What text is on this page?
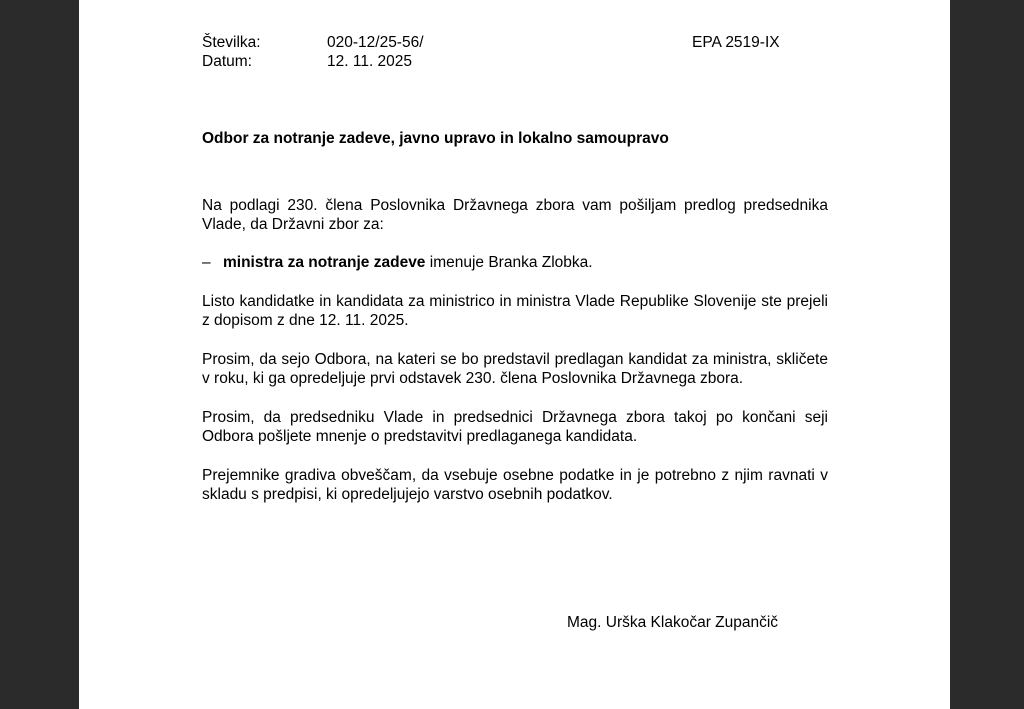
Številka:	020-12/25-56/	EPA 2519-IX
Datum:	12. 11. 2025
Odbor za notranje zadeve, javno upravo in lokalno samoupravo

Na podlagi 230. člena Poslovnika Državnega zbora vam pošiljam predlog predsednika Vlade, da Državni zbor za:

– ministra za notranje zadeve imenuje Branka Zlobka.

Listo kandidatke in kandidata za ministrico in ministra Vlade Republike Slovenije ste prejeli z dopisom z dne 12. 11. 2025.

Prosim, da sejo Odbora, na kateri se bo predstavil predlagan kandidat za ministra, skličete v roku, ki ga opredeljuje prvi odstavek 230. člena Poslovnika Državnega zbora.

Prosim, da predsedniku Vlade in predsednici Državnega zbora takoj po končani seji Odbora pošljete mnenje o predstavitvi predlaganega kandidata.

Prejemnike gradiva obveščam, da vsebuje osebne podatke in je potrebno z njim ravnati v skladu s predpisi, ki opredeljujejo varstvo osebnih podatkov.

Mag. Urška Klakočar Zupančič
